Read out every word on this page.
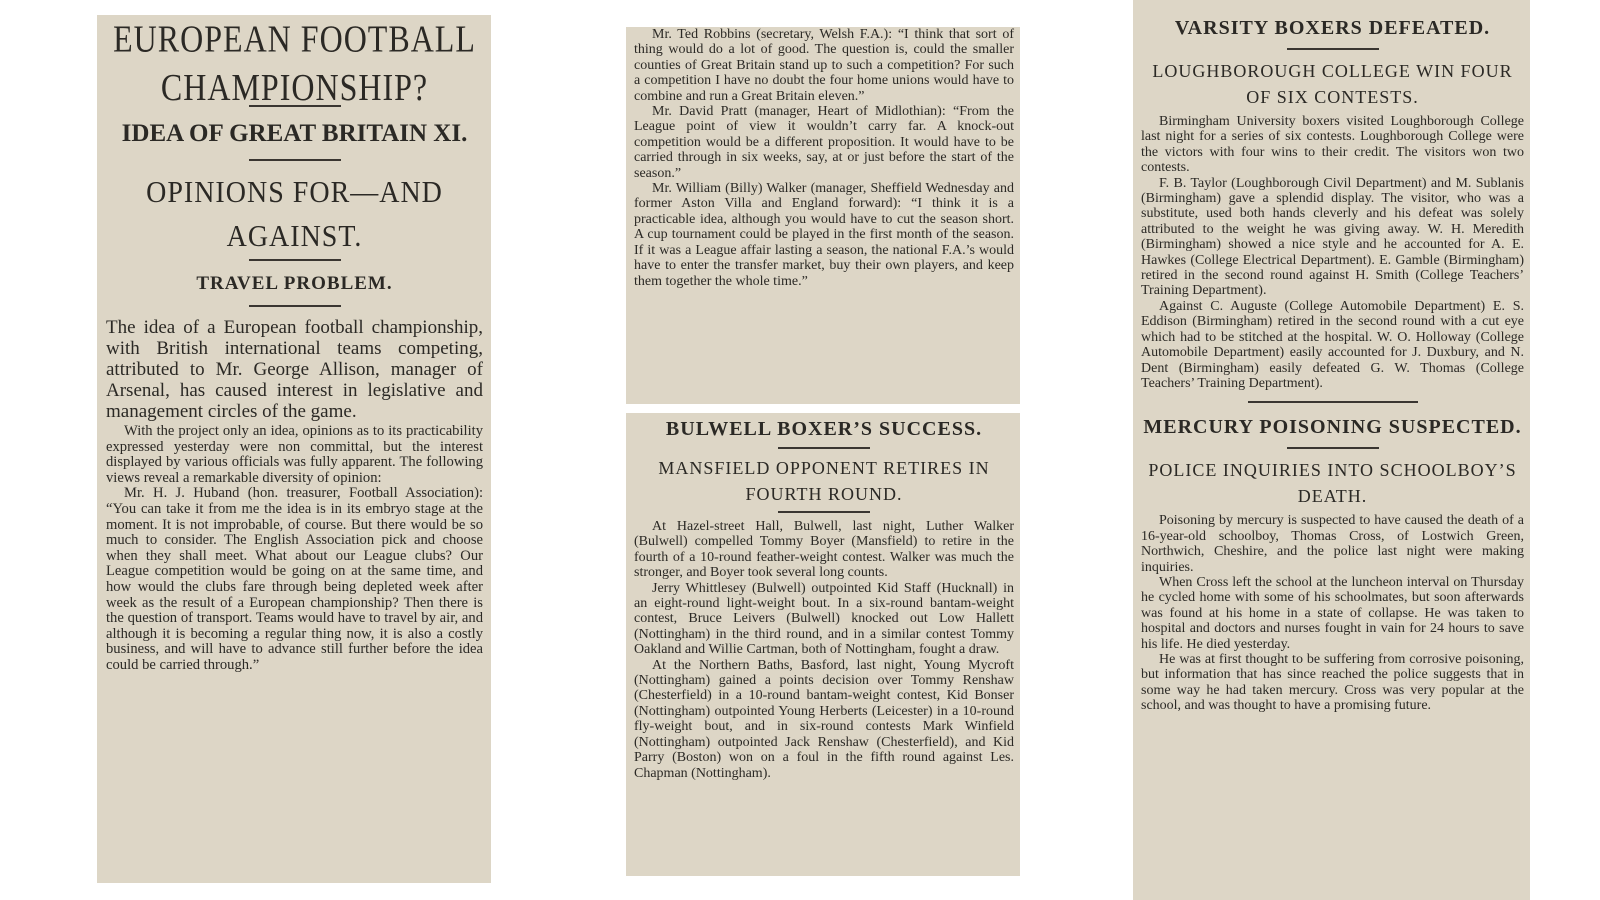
EUROPEAN FOOTBALL CHAMPIONSHIP?
IDEA OF GREAT BRITAIN XI.
OPINIONS FOR—AND AGAINST.
TRAVEL PROBLEM.

The idea of a European football championship, with British international teams competing, attributed to Mr. George Allison, manager of Arsenal, has caused interest in legislative and management circles of the game.

With the project only an idea, opinions as to its practicability expressed yesterday were non committal, but the interest displayed by various officials was fully apparent. The following views reveal a remarkable diversity of opinion:

Mr. H. J. Huband (hon. treasurer, Football Association): “You can take it from me the idea is in its embryo stage at the moment. It is not improbable, of course. But there would be so much to consider. The English Association pick and choose when they shall meet. What about our League clubs? Our League competition would be going on at the same time, and how would the clubs fare through being depleted week after week as the result of a European championship? Then there is the question of transport. Teams would have to travel by air, and although it is becoming a regular thing now, it is also a costly business, and will have to advance still further before the idea could be carried through.”

Mr. Ted Robbins (secretary, Welsh F.A.): “I think that sort of thing would do a lot of good. The question is, could the smaller counties of Great Britain stand up to such a competition? For such a competition I have no doubt the four home unions would have to combine and run a Great Britain eleven.”

Mr. David Pratt (manager, Heart of Midlothian): “From the League point of view it wouldn’t carry far. A knock-out competition would be a different proposition. It would have to be carried through in six weeks, say, at or just before the start of the season.”

Mr. William (Billy) Walker (manager, Sheffield Wednesday and former Aston Villa and England forward): “I think it is a practicable idea, although you would have to cut the season short. A cup tournament could be played in the first month of the season. If it was a League affair lasting a season, the national F.A.’s would have to enter the transfer market, buy their own players, and keep them together the whole time.”

BULWELL BOXER’S SUCCESS.
MANSFIELD OPPONENT RETIRES IN FOURTH ROUND.

At Hazel-street Hall, Bulwell, last night, Luther Walker (Bulwell) compelled Tommy Boyer (Mansfield) to retire in the fourth of a 10-round feather-weight contest. Walker was much the stronger, and Boyer took several long counts.

Jerry Whittlesey (Bulwell) outpointed Kid Staff (Hucknall) in an eight-round light-weight bout. In a six-round bantam-weight contest, Bruce Leivers (Bulwell) knocked out Low Hallett (Nottingham) in the third round, and in a similar contest Tommy Oakland and Willie Cartman, both of Nottingham, fought a draw.

At the Northern Baths, Basford, last night, Young Mycroft (Nottingham) gained a points decision over Tommy Renshaw (Chesterfield) in a 10-round bantam-weight contest, Kid Bonser (Nottingham) outpointed Young Herberts (Leicester) in a 10-round fly-weight bout, and in six-round contests Mark Winfield (Nottingham) outpointed Jack Renshaw (Chesterfield), and Kid Parry (Boston) won on a foul in the fifth round against Les. Chapman (Nottingham).

VARSITY BOXERS DEFEATED.
LOUGHBOROUGH COLLEGE WIN FOUR OF SIX CONTESTS.

Birmingham University boxers visited Loughborough College last night for a series of six contests. Loughborough College were the victors with four wins to their credit. The visitors won two contests.

F. B. Taylor (Loughborough Civil Department) and M. Sublanis (Birmingham) gave a splendid display. The visitor, who was a substitute, used both hands cleverly and his defeat was solely attributed to the weight he was giving away. W. H. Meredith (Birmingham) showed a nice style and he accounted for A. E. Hawkes (College Electrical Department). E. Gamble (Birmingham) retired in the second round against H. Smith (College Teachers’ Training Department).

Against C. Auguste (College Automobile Department) E. S. Eddison (Birmingham) retired in the second round with a cut eye which had to be stitched at the hospital. W. O. Holloway (College Automobile Department) easily accounted for J. Duxbury, and N. Dent (Birmingham) easily defeated G. W. Thomas (College Teachers’ Training Department).

MERCURY POISONING SUSPECTED.
POLICE INQUIRIES INTO SCHOOLBOY’S DEATH.

Poisoning by mercury is suspected to have caused the death of a 16-year-old schoolboy, Thomas Cross, of Lostwich Green, Northwich, Cheshire, and the police last night were making inquiries.

When Cross left the school at the luncheon interval on Thursday he cycled home with some of his schoolmates, but soon afterwards was found at his home in a state of collapse. He was taken to hospital and doctors and nurses fought in vain for 24 hours to save his life. He died yesterday.

He was at first thought to be suffering from corrosive poisoning, but information that has since reached the police suggests that in some way he had taken mercury. Cross was very popular at the school, and was thought to have a promising future.
